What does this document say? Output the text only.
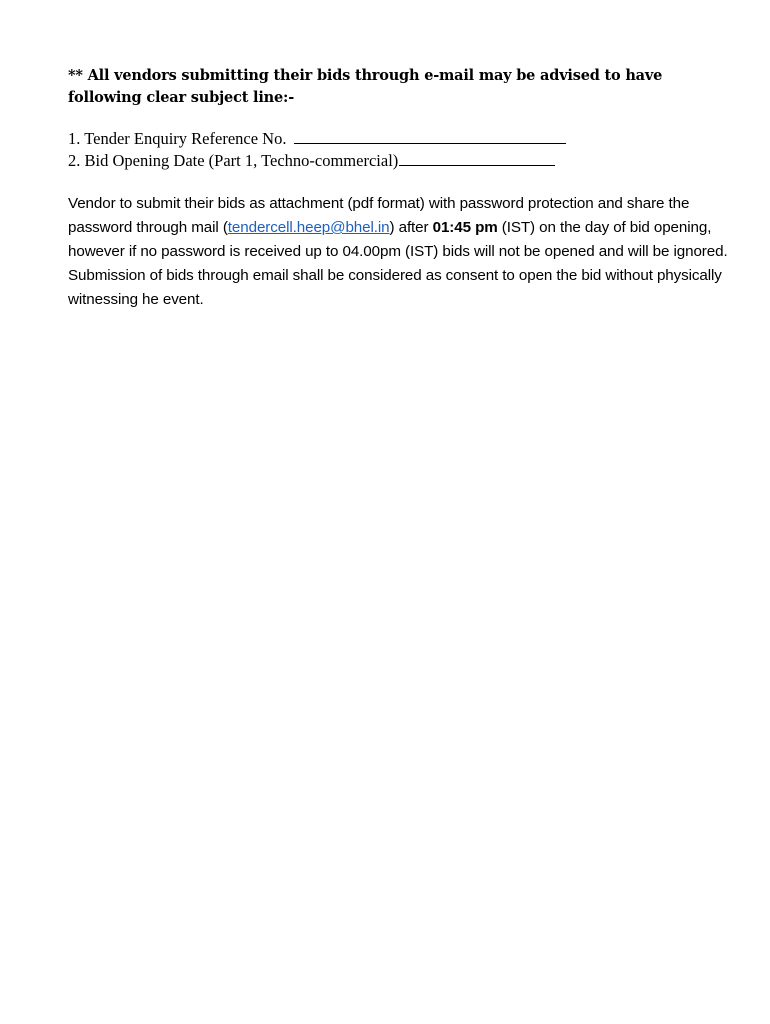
** All vendors submitting their bids through e-mail may be advised to have
following clear subject line:-
1. Tender Enquiry Reference No.
2. Bid Opening Date (Part 1, Techno-commercial)
Vendor to submit their bids as attachment (pdf format) with password protection and share the password through mail (tendercell.heep@bhel.in) after 01:45 pm (IST) on the day of bid opening, however if no password is received up to 04.00pm (IST) bids will not be opened and will be ignored. Submission of bids through email shall be considered as consent to open the bid without physically witnessing he event.
